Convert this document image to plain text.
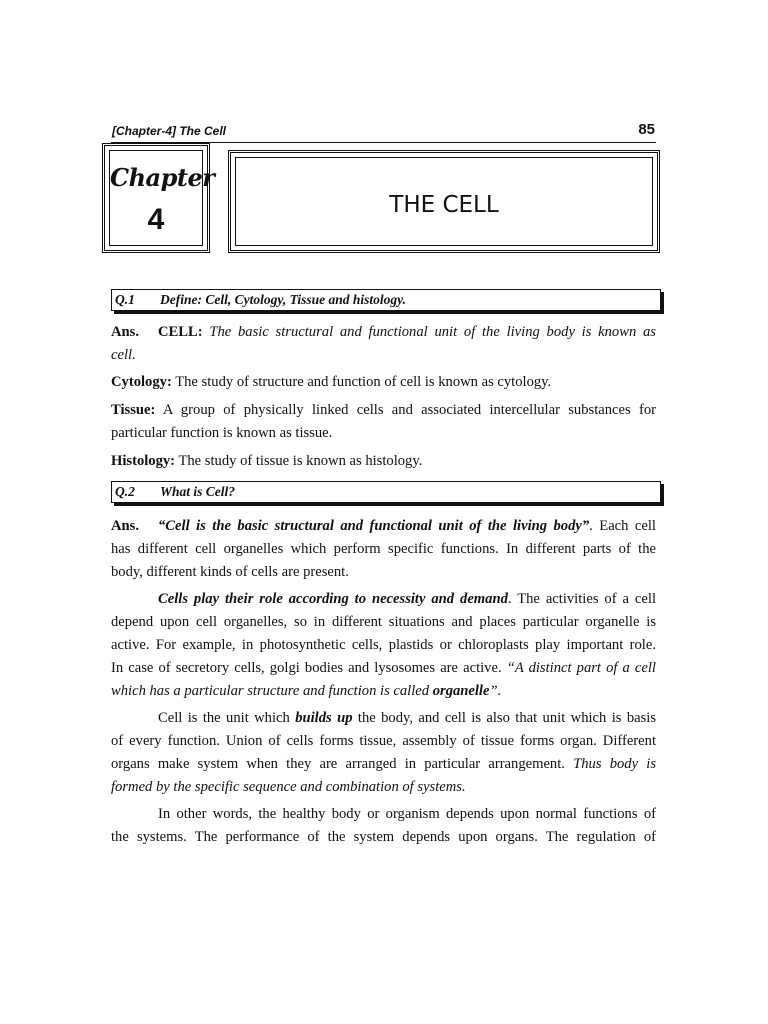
[Chapter-4] The Cell	85
Chapter
4	THE CELL
Q.1 Define: Cell, Cytology, Tissue and histology.
Ans. CELL: The basic structural and functional unit of the living body is known as
cell.
Cytology: The study of structure and function of cell is known as cytology.
Tissue: A group of physically linked cells and associated intercellular substances for
particular function is known as tissue.
Histology: The study of tissue is known as histology.
Q.2 What is Cell?
Ans. “Cell is the basic structural and functional unit of the living body”. Each cell
has different cell organelles which perform specific functions. In different parts of the
body, different kinds of cells are present.
Cells play their role according to necessity and demand. The activities of a cell
depend upon cell organelles, so in different situations and places particular organelle is
active. For example, in photosynthetic cells, plastids or chloroplasts play important role.
In case of secretory cells, golgi bodies and lysosomes are active. “A distinct part of a cell
which has a particular structure and function is called organelle”.
Cell is the unit which builds up the body, and cell is also that unit which is basis
of every function. Union of cells forms tissue, assembly of tissue forms organ. Different
organs make system when they are arranged in particular arrangement. Thus body is
formed by the specific sequence and combination of systems.
In other words, the healthy body or organism depends upon normal functions of
the systems. The performance of the system depends upon organs. The regulation of
